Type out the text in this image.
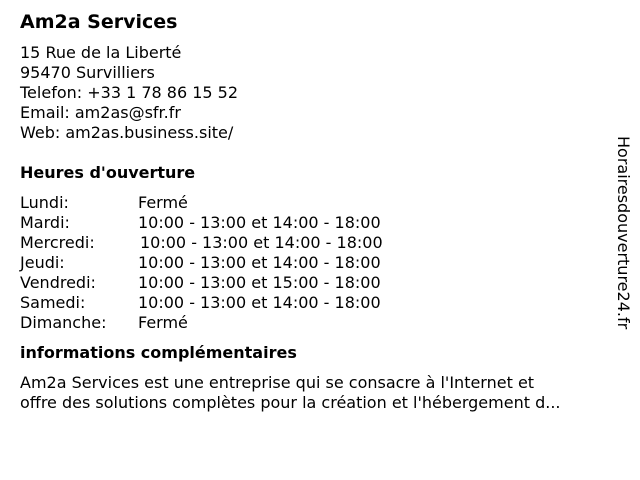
Am2a Services
15 Rue de la Liberté
95470 Survilliers
Telefon: +33 1 78 86 15 52
Email: am2as@sfr.fr
Web: am2as.business.site/
Heures d'ouverture
Lundi:	Fermé
Mardi:	10:00 - 13:00 et 14:00 - 18:00
Mercredi:	10:00 - 13:00 et 14:00 - 18:00
Jeudi:	10:00 - 13:00 et 14:00 - 18:00
Vendredi:	10:00 - 13:00 et 15:00 - 18:00
Samedi:	10:00 - 13:00 et 14:00 - 18:00
Dimanche:	Fermé
informations complémentaires
Am2a Services est une entreprise qui se consacre à l'Internet et
offre des solutions complètes pour la création et l'hébergement d...
Horairesdouverture24.fr
